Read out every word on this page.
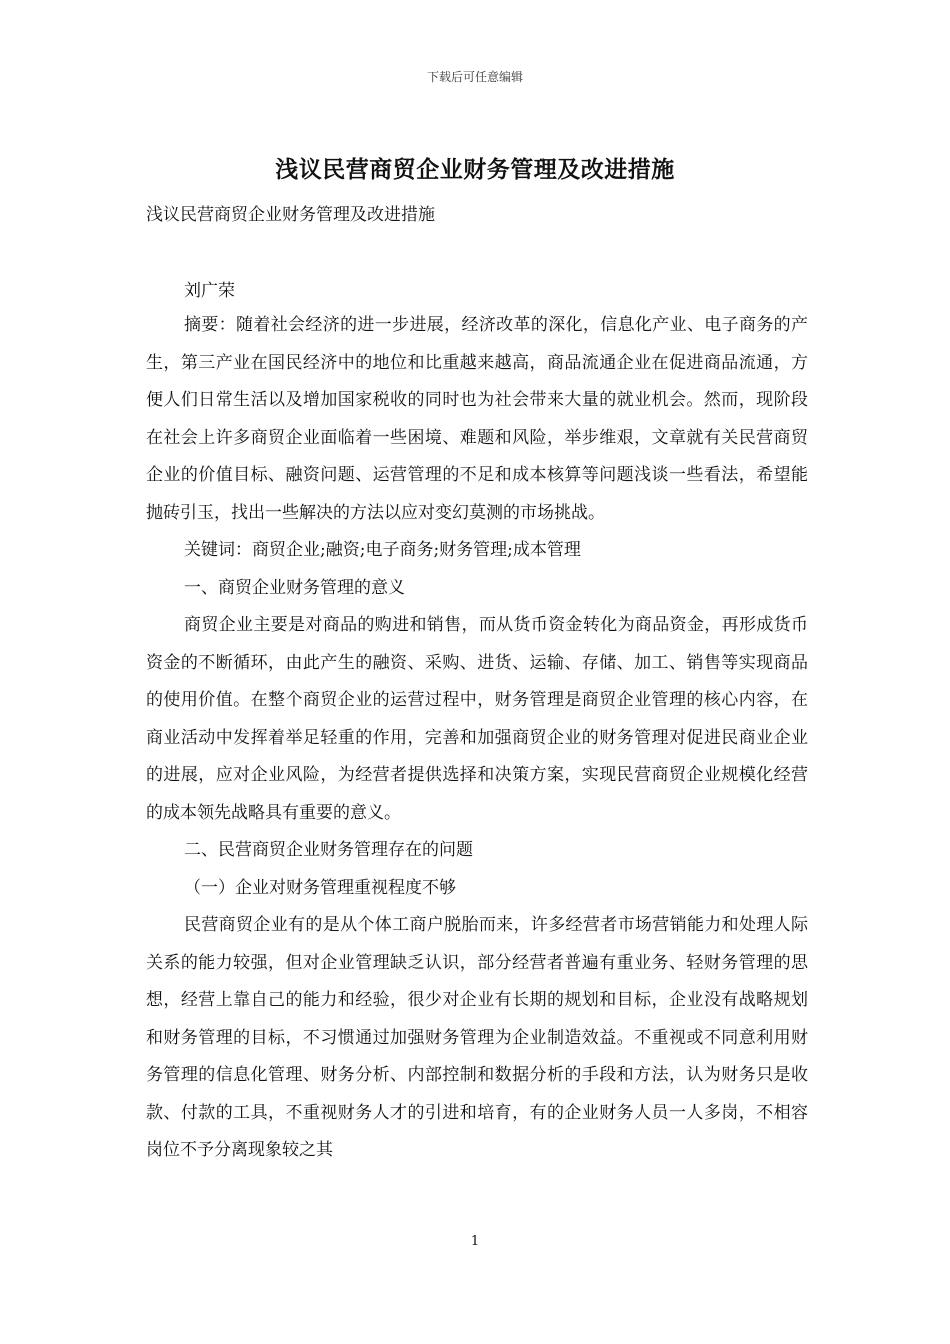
下载后可任意编辑
浅议民营商贸企业财务管理及改进措施
浅议民营商贸企业财务管理及改进措施
刘广荣

摘要：随着社会经济的进一步进展，经济改革的深化，信息化产业、电子商务的产生，第三产业在国民经济中的地位和比重越来越高，商品流通企业在促进商品流通，方便人们日常生活以及增加国家税收的同时也为社会带来大量的就业机会。然而，现阶段在社会上许多商贸企业面临着一些困境、难题和风险，举步维艰，文章就有关民营商贸企业的价值目标、融资问题、运营管理的不足和成本核算等问题浅谈一些看法，希望能抛砖引玉，找出一些解决的方法以应对变幻莫测的市场挑战。

关键词：商贸企业;融资;电子商务;财务管理;成本管理

一、商贸企业财务管理的意义

商贸企业主要是对商品的购进和销售，而从货币资金转化为商品资金，再形成货币资金的不断循环，由此产生的融资、采购、进货、运输、存储、加工、销售等实现商品的使用价值。在整个商贸企业的运营过程中，财务管理是商贸企业管理的核心内容，在商业活动中发挥着举足轻重的作用，完善和加强商贸企业的财务管理对促进民商业企业的进展，应对企业风险，为经营者提供选择和决策方案，实现民营商贸企业规模化经营的成本领先战略具有重要的意义。

二、民营商贸企业财务管理存在的问题

（一）企业对财务管理重视程度不够

民营商贸企业有的是从个体工商户脱胎而来，许多经营者市场营销能力和处理人际关系的能力较强，但对企业管理缺乏认识，部分经营者普遍有重业务、轻财务管理的思想，经营上靠自己的能力和经验，很少对企业有长期的规划和目标，企业没有战略规划和财务管理的目标，不习惯通过加强财务管理为企业制造效益。不重视或不同意利用财务管理的信息化管理、财务分析、内部控制和数据分析的手段和方法，认为财务只是收款、付款的工具，不重视财务人才的引进和培育，有的企业财务人员一人多岗，不相容岗位不予分离现象较之其

1
